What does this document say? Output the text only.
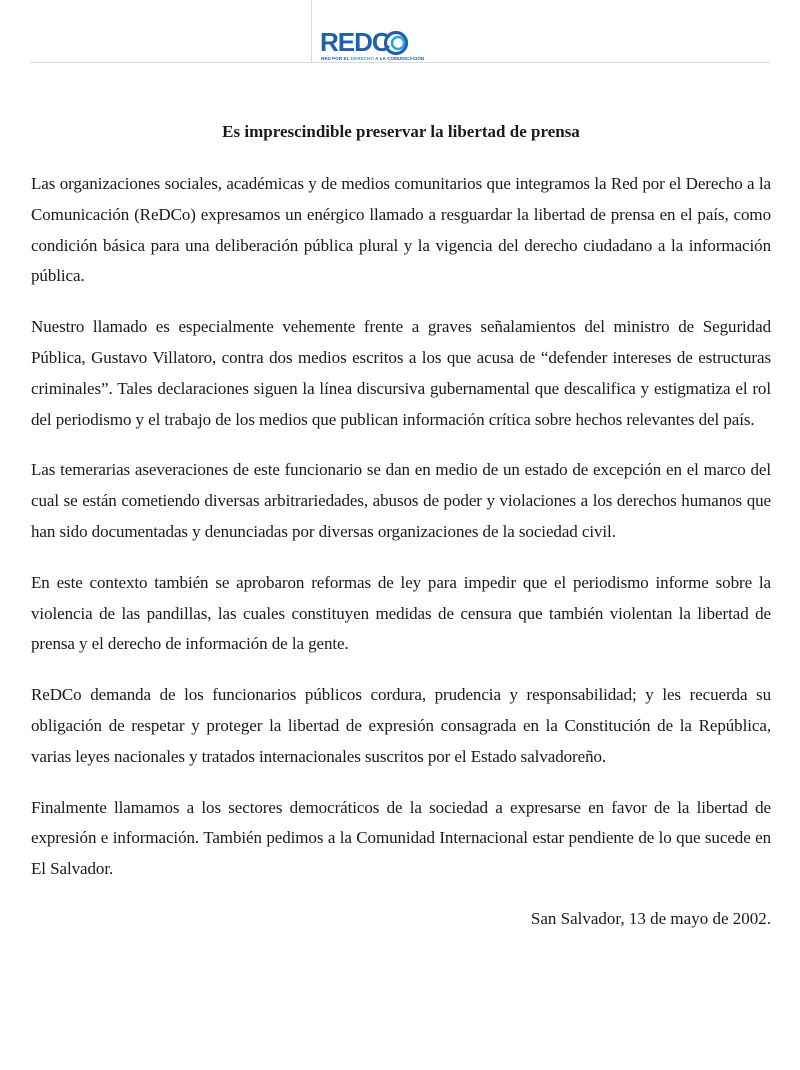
REDC
RED POR EL DERECHO A LA COMUNICACIÓN
Es imprescindible preservar la libertad de prensa

Las organizaciones sociales, académicas y de medios comunitarios que integramos la Red por el Derecho a la Comunicación (ReDCo) expresamos un enérgico llamado a resguardar la libertad de prensa en el país, como condición básica para una deliberación pública plural y la vigencia del derecho ciudadano a la información pública.

Nuestro llamado es especialmente vehemente frente a graves señalamientos del ministro de Seguridad Pública, Gustavo Villatoro, contra dos medios escritos a los que acusa de “defender intereses de estructuras criminales”. Tales declaraciones siguen la línea discursiva gubernamental que descalifica y estigmatiza el rol del periodismo y el trabajo de los medios que publican información crítica sobre hechos relevantes del país.

Las temerarias aseveraciones de este funcionario se dan en medio de un estado de excepción en el marco del cual se están cometiendo diversas arbitrariedades, abusos de poder y violaciones a los derechos humanos que han sido documentadas y denunciadas por diversas organizaciones de la sociedad civil.

En este contexto también se aprobaron reformas de ley para impedir que el periodismo informe sobre la violencia de las pandillas, las cuales constituyen medidas de censura que también violentan la libertad de prensa y el derecho de información de la gente.

ReDCo demanda de los funcionarios públicos cordura, prudencia y responsabilidad; y les recuerda su obligación de respetar y proteger la libertad de expresión consagrada en la Constitución de la República, varias leyes nacionales y tratados internacionales suscritos por el Estado salvadoreño.

Finalmente llamamos a los sectores democráticos de la sociedad a expresarse en favor de la libertad de expresión e información. También pedimos a la Comunidad Internacional estar pendiente de lo que sucede en El Salvador.

San Salvador, 13 de mayo de 2002.
